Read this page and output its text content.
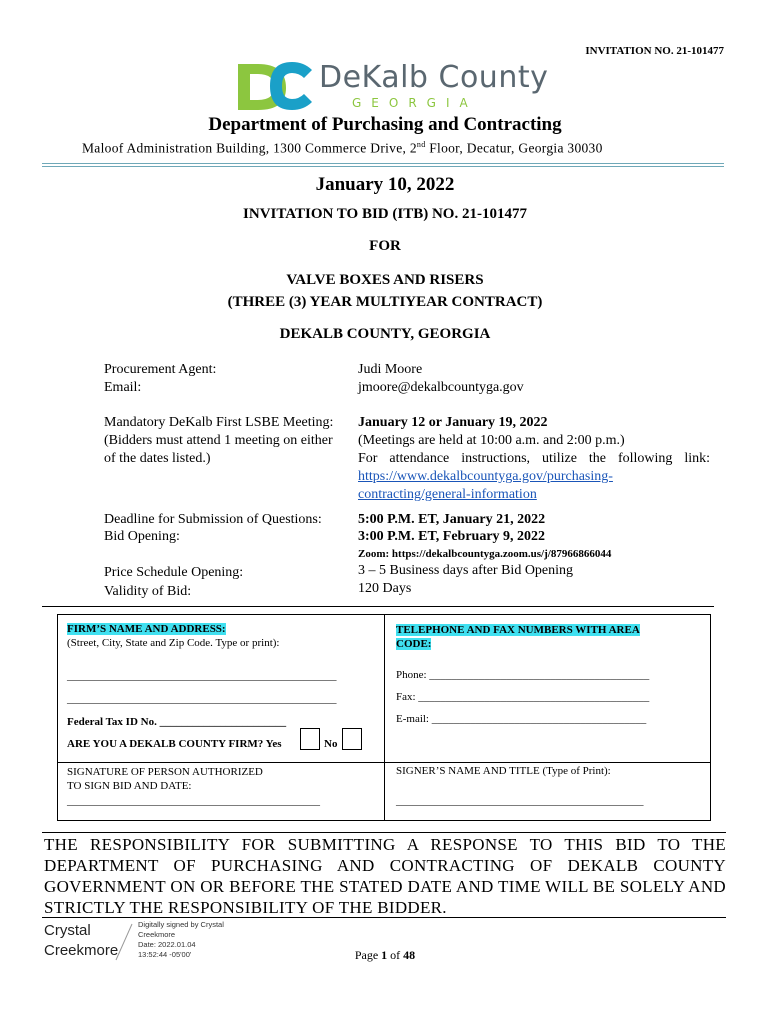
INVITATION NO. 21-101477
DeKalb County
GEORGIA
Department of Purchasing and Contracting
Maloof Administration Building, 1300 Commerce Drive, 2nd Floor, Decatur, Georgia 30030
January 10, 2022
INVITATION TO BID (ITB) NO. 21-101477
FOR
VALVE BOXES AND RISERS
(THREE (3) YEAR MULTIYEAR CONTRACT)
DEKALB COUNTY, GEORGIA
Procurement Agent:
Email:
Judi Moore
jmoore@dekalbcountyga.gov
Mandatory DeKalb First LSBE Meeting:
(Bidders must attend 1 meeting on either
of the dates listed.)
January 12 or January 19, 2022
(Meetings are held at 10:00 a.m. and 2:00 p.m.)
For attendance instructions, utilize the following link:
https://www.dekalbcountyga.gov/purchasing-
contracting/general-information
Deadline for Submission of Questions:
Bid Opening:
5:00 P.M. ET, January 21, 2022
3:00 P.M. ET, February 9, 2022
Zoom: https://dekalbcountyga.zoom.us/j/87966866044
Price Schedule Opening:
Validity of Bid:
3 – 5 Business days after Bid Opening
120 Days
FIRM’S NAME AND ADDRESS:
(Street, City, State and Zip Code. Type or print):
_________________________________________________
_________________________________________________
Federal Tax ID No. _______________________
ARE YOU A DEKALB COUNTY FIRM? Yes	No
TELEPHONE AND FAX NUMBERS WITH AREA
CODE:
Phone: ________________________________________
Fax: __________________________________________
E-mail: _______________________________________
SIGNATURE OF PERSON AUTHORIZED
TO SIGN BID AND DATE:
______________________________________________
SIGNER’S NAME AND TITLE (Type of Print):
_____________________________________________
THE RESPONSIBILITY FOR SUBMITTING A RESPONSE TO THIS BID TO THE DEPARTMENT OF PURCHASING AND CONTRACTING OF DEKALB COUNTY GOVERNMENT ON OR BEFORE THE STATED DATE AND TIME WILL BE SOLELY AND STRICTLY THE RESPONSIBILITY OF THE BIDDER.
Crystal
Creekmore
Digitally signed by Crystal
Creekmore
Date: 2022.01.04
13:52:44 -05'00'	Page 1 of 48
